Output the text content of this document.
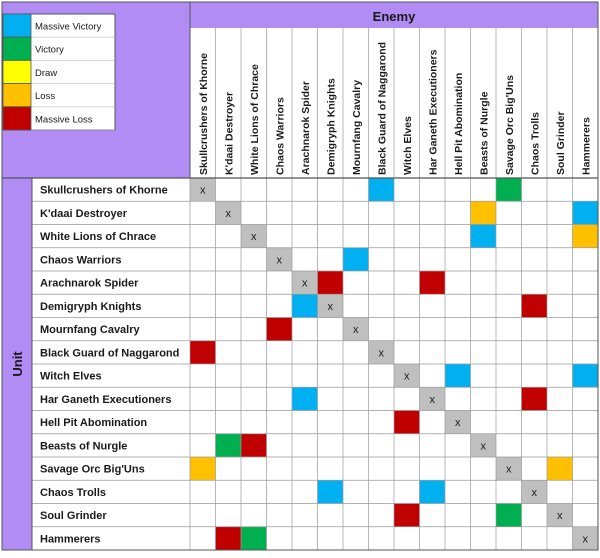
Enemy
Unit
Massive Victory
Victory
Draw
Loss
Massive Loss	Skullcrushers of Khorne K'daai Destroyer White Lions of Chrace Chaos Warriors Arachnarok Spider Demigryph Knights Mournfang Cavalry Black Guard of Naggarond Witch Elves Har Ganeth Executioners Hell Pit Abomination Beasts of Nurgle Savage Orc Big'Uns Chaos Trolls Soul Grinder Hammerers
Skullcrushers of Khorne
K'daai Destroyer
White Lions of Chrace
Chaos Warriors
Arachnarok Spider
Demigryph Knights
Mournfang Cavalry
Black Guard of Naggarond
Witch Elves
Har Ganeth Executioners
Hell Pit Abomination
Beasts of Nurgle
Savage Orc Big'Uns
Chaos Trolls
Soul Grinder
Hammerers
x
x
x
x
x
x
x
x
x
x
x
x
x
x
x
x
